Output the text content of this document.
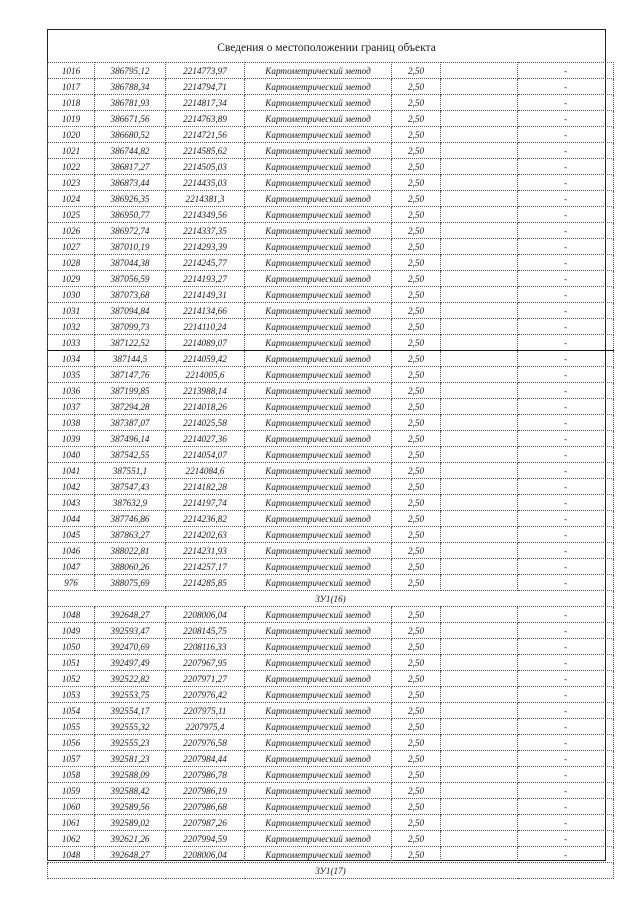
Сведения о местоположении границ объекта
1016	386795,12	2214773,97	Картометрический метод	2,50		-
1017	386788,34	2214794,71	Картометрический метод	2,50		-
1018	386781,93	2214817,34	Картометрический метод	2,50		-
1019	386671,56	2214763,89	Картометрический метод	2,50		-
1020	386680,52	2214721,56	Картометрический метод	2,50		-
1021	386744,82	2214585,62	Картометрический метод	2,50		-
1022	386817,27	2214505,03	Картометрический метод	2,50		-
1023	386873,44	2214435,03	Картометрический метод	2,50		-
1024	386926,35	2214381,3	Картометрический метод	2,50		-
1025	386950,77	2214349,56	Картометрический метод	2,50		-
1026	386972,74	2214337,35	Картометрический метод	2,50		-
1027	387010,19	2214293,39	Картометрический метод	2,50		-
1028	387044,38	2214245,77	Картометрический метод	2,50		-
1029	387056,59	2214193,27	Картометрический метод	2,50		-
1030	387073,68	2214149,31	Картометрический метод	2,50		-
1031	387094,84	2214134,66	Картометрический метод	2,50		-
1032	387099,73	2214110,24	Картометрический метод	2,50		-
1033	387122,52	2214089,07	Картометрический метод	2,50		-
1034	387144,5	2214059,42	Картометрический метод	2,50		-
1035	387147,76	2214005,6	Картометрический метод	2,50		-
1036	387199,85	2213988,14	Картометрический метод	2,50		-
1037	387294,28	2214018,26	Картометрический метод	2,50		-
1038	387387,07	2214025,58	Картометрический метод	2,50		-
1039	387496,14	2214027,36	Картометрический метод	2,50		-
1040	387542,55	2214054,07	Картометрический метод	2,50		-
1041	387551,1	2214084,6	Картометрический метод	2,50		-
1042	387547,43	2214182,28	Картометрический метод	2,50		-
1043	387632,9	2214197,74	Картометрический метод	2,50		-
1044	387746,86	2214236,82	Картометрический метод	2,50		-
1045	387863,27	2214202,63	Картометрический метод	2,50		-
1046	388022,81	2214231,93	Картометрический метод	2,50		-
1047	388060,26	2214257,17	Картометрический метод	2,50		-
976	388075,69	2214285,85	Картометрический метод	2,50		-
ЗУ1(16)						
1048	392648,27	2208006,04	Картометрический метод	2,50		-
1049	392593,47	2208145,75	Картометрический метод	2,50		-
1050	392470,69	2208116,33	Картометрический метод	2,50		-
1051	392497,49	2207967,95	Картометрический метод	2,50		-
1052	392522,82	2207971,27	Картометрический метод	2,50		-
1053	392553,75	2207976,42	Картометрический метод	2,50		-
1054	392554,17	2207975,11	Картометрический метод	2,50		-
1055	392555,32	2207975,4	Картометрический метод	2,50		-
1056	392555,23	2207976,58	Картометрический метод	2,50		-
1057	392581,23	2207984,44	Картометрический метод	2,50		-
1058	392588,09	2207986,78	Картометрический метод	2,50		-
1059	392588,42	2207986,19	Картометрический метод	2,50		-
1060	392589,56	2207986,68	Картометрический метод	2,50		-
1061	392589,02	2207987,26	Картометрический метод	2,50		-
1062	392621,26	2207994,59	Картометрический метод	2,50		-
1048	392648,27	2208006,04	Картометрический метод	2,50		-
ЗУ1(17)						
